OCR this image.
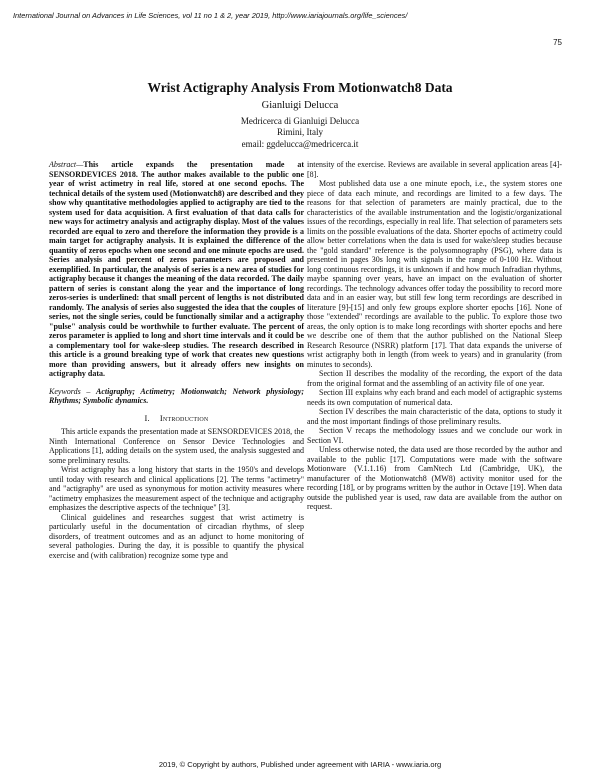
International Journal on Advances in Life Sciences, vol 11 no 1 & 2, year 2019, http://www.iariajournals.org/life_sciences/
75
Wrist Actigraphy Analysis From Motionwatch8 Data
Gianluigi Delucca
Medricerca di Gianluigi Delucca
Rimini, Italy
email: ggdelucca@medricerca.it
Abstract—This article expands the presentation made at SENSORDEVICES 2018. The author makes available to the public one year of wrist actimetry in real life, stored at one second epochs. The technical details of the system used (Motionwatch8) are described and they show why quantitative methodologies applied to actigraphy are tied to the system used for data acquisition. A first evaluation of that data calls for new ways for actimetry analysis and actigraphy display. Most of the values recorded are equal to zero and therefore the information they provide is a main target for actigraphy analysis. It is explained the difference of the quantity of zeros epochs when one second and one minute epochs are used. Series analysis and percent of zeros parameters are proposed and exemplified. In particular, the analysis of series is a new area of studies for actigraphy because it changes the meaning of the data recorded. The daily pattern of series is constant along the year and the importance of long zeros-series is underlined: that small percent of lengths is not distributed randomly. The analysis of series also suggested the idea that the couples of series, not the single series, could be functionally similar and a actigraphy "pulse" analysis could be worthwhile to further evaluate. The percent of zeros parameter is applied to long and short time intervals and it could be a complementary tool for wake-sleep studies. The research described in this article is a ground breaking type of work that creates new questions more than providing answers, but it already offers new insights on actigraphy data.
Keywords – Actigraphy; Actimetry; Motionwatch; Network physiology; Rhythms; Symbolic dynamics.
I. Introduction

This article expands the presentation made at SENSORDEVICES 2018, the Ninth International Conference on Sensor Device Technologies and Applications [1], adding details on the system used, the analysis suggested and some preliminary results.

Wrist actigraphy has a long history that starts in the 1950's and develops until today with research and clinical applications [2]. The terms "actimetry" and "actigraphy" are used as synonymous for motion activity measures where "actimetry emphasizes the measurement aspect of the technique and actigraphy emphasizes the descriptive aspects of the technique" [3].

Clinical guidelines and researches suggest that wrist actimetry is particularly useful in the documentation of circadian rhythms, of sleep disorders, of treatment outcomes and as an adjunct to home monitoring of several pathologies. During the day, it is possible to quantify the physical exercise and (with calibration) recognize some type and

intensity of the exercise. Reviews are available in several application areas [4]-[8].

Most published data use a one minute epoch, i.e., the system stores one piece of data each minute, and recordings are limited to a few days. The reasons for that selection of parameters are mainly practical, due to the characteristics of the available instrumentation and the logistic/organizational issues of the recordings, especially in real life. That selection of parameters sets limits on the possible evaluations of the data. Shorter epochs of actimetry could allow better correlations when the data is used for wake/sleep studies because the "gold standard" reference is the polysomnography (PSG), where data is presented in pages 30s long with signals in the range of 0-100 Hz. Without long continuous recordings, it is unknown if and how much Infradian rhythms, maybe spanning over years, have an impact on the evaluation of shorter recordings. The technology advances offer today the possibility to record more data and in an easier way, but still few long term recordings are described in literature [9]-[15] and only few groups explore shorter epochs [16]. None of those "extended" recordings are available to the public. To explore those two areas, the only option is to make long recordings with shorter epochs and here we describe one of them that the author published on the National Sleep Research Resource (NSRR) platform [17]. That data expands the universe of wrist actigraphy both in length (from week to years) and in granularity (from minutes to seconds).

Section II describes the modality of the recording, the export of the data from the original format and the assembling of an activity file of one year.

Section III explains why each brand and each model of actigraphic systems needs its own computation of numerical data.

Section IV describes the main characteristic of the data, options to study it and the most important findings of those preliminary results.

Section V recaps the methodology issues and we conclude our work in Section VI.

Unless otherwise noted, the data used are those recorded by the author and available to the public [17]. Computations were made with the software Motionware (V.1.1.16) from CamNtech Ltd (Cambridge, UK), the manufacturer of the Motionwatch8 (MW8) activity monitor used for the recording [18], or by programs written by the author in Octave [19]. When data outside the published year is used, raw data are available from the author on request.

2019, © Copyright by authors, Published under agreement with IARIA - www.iaria.org
